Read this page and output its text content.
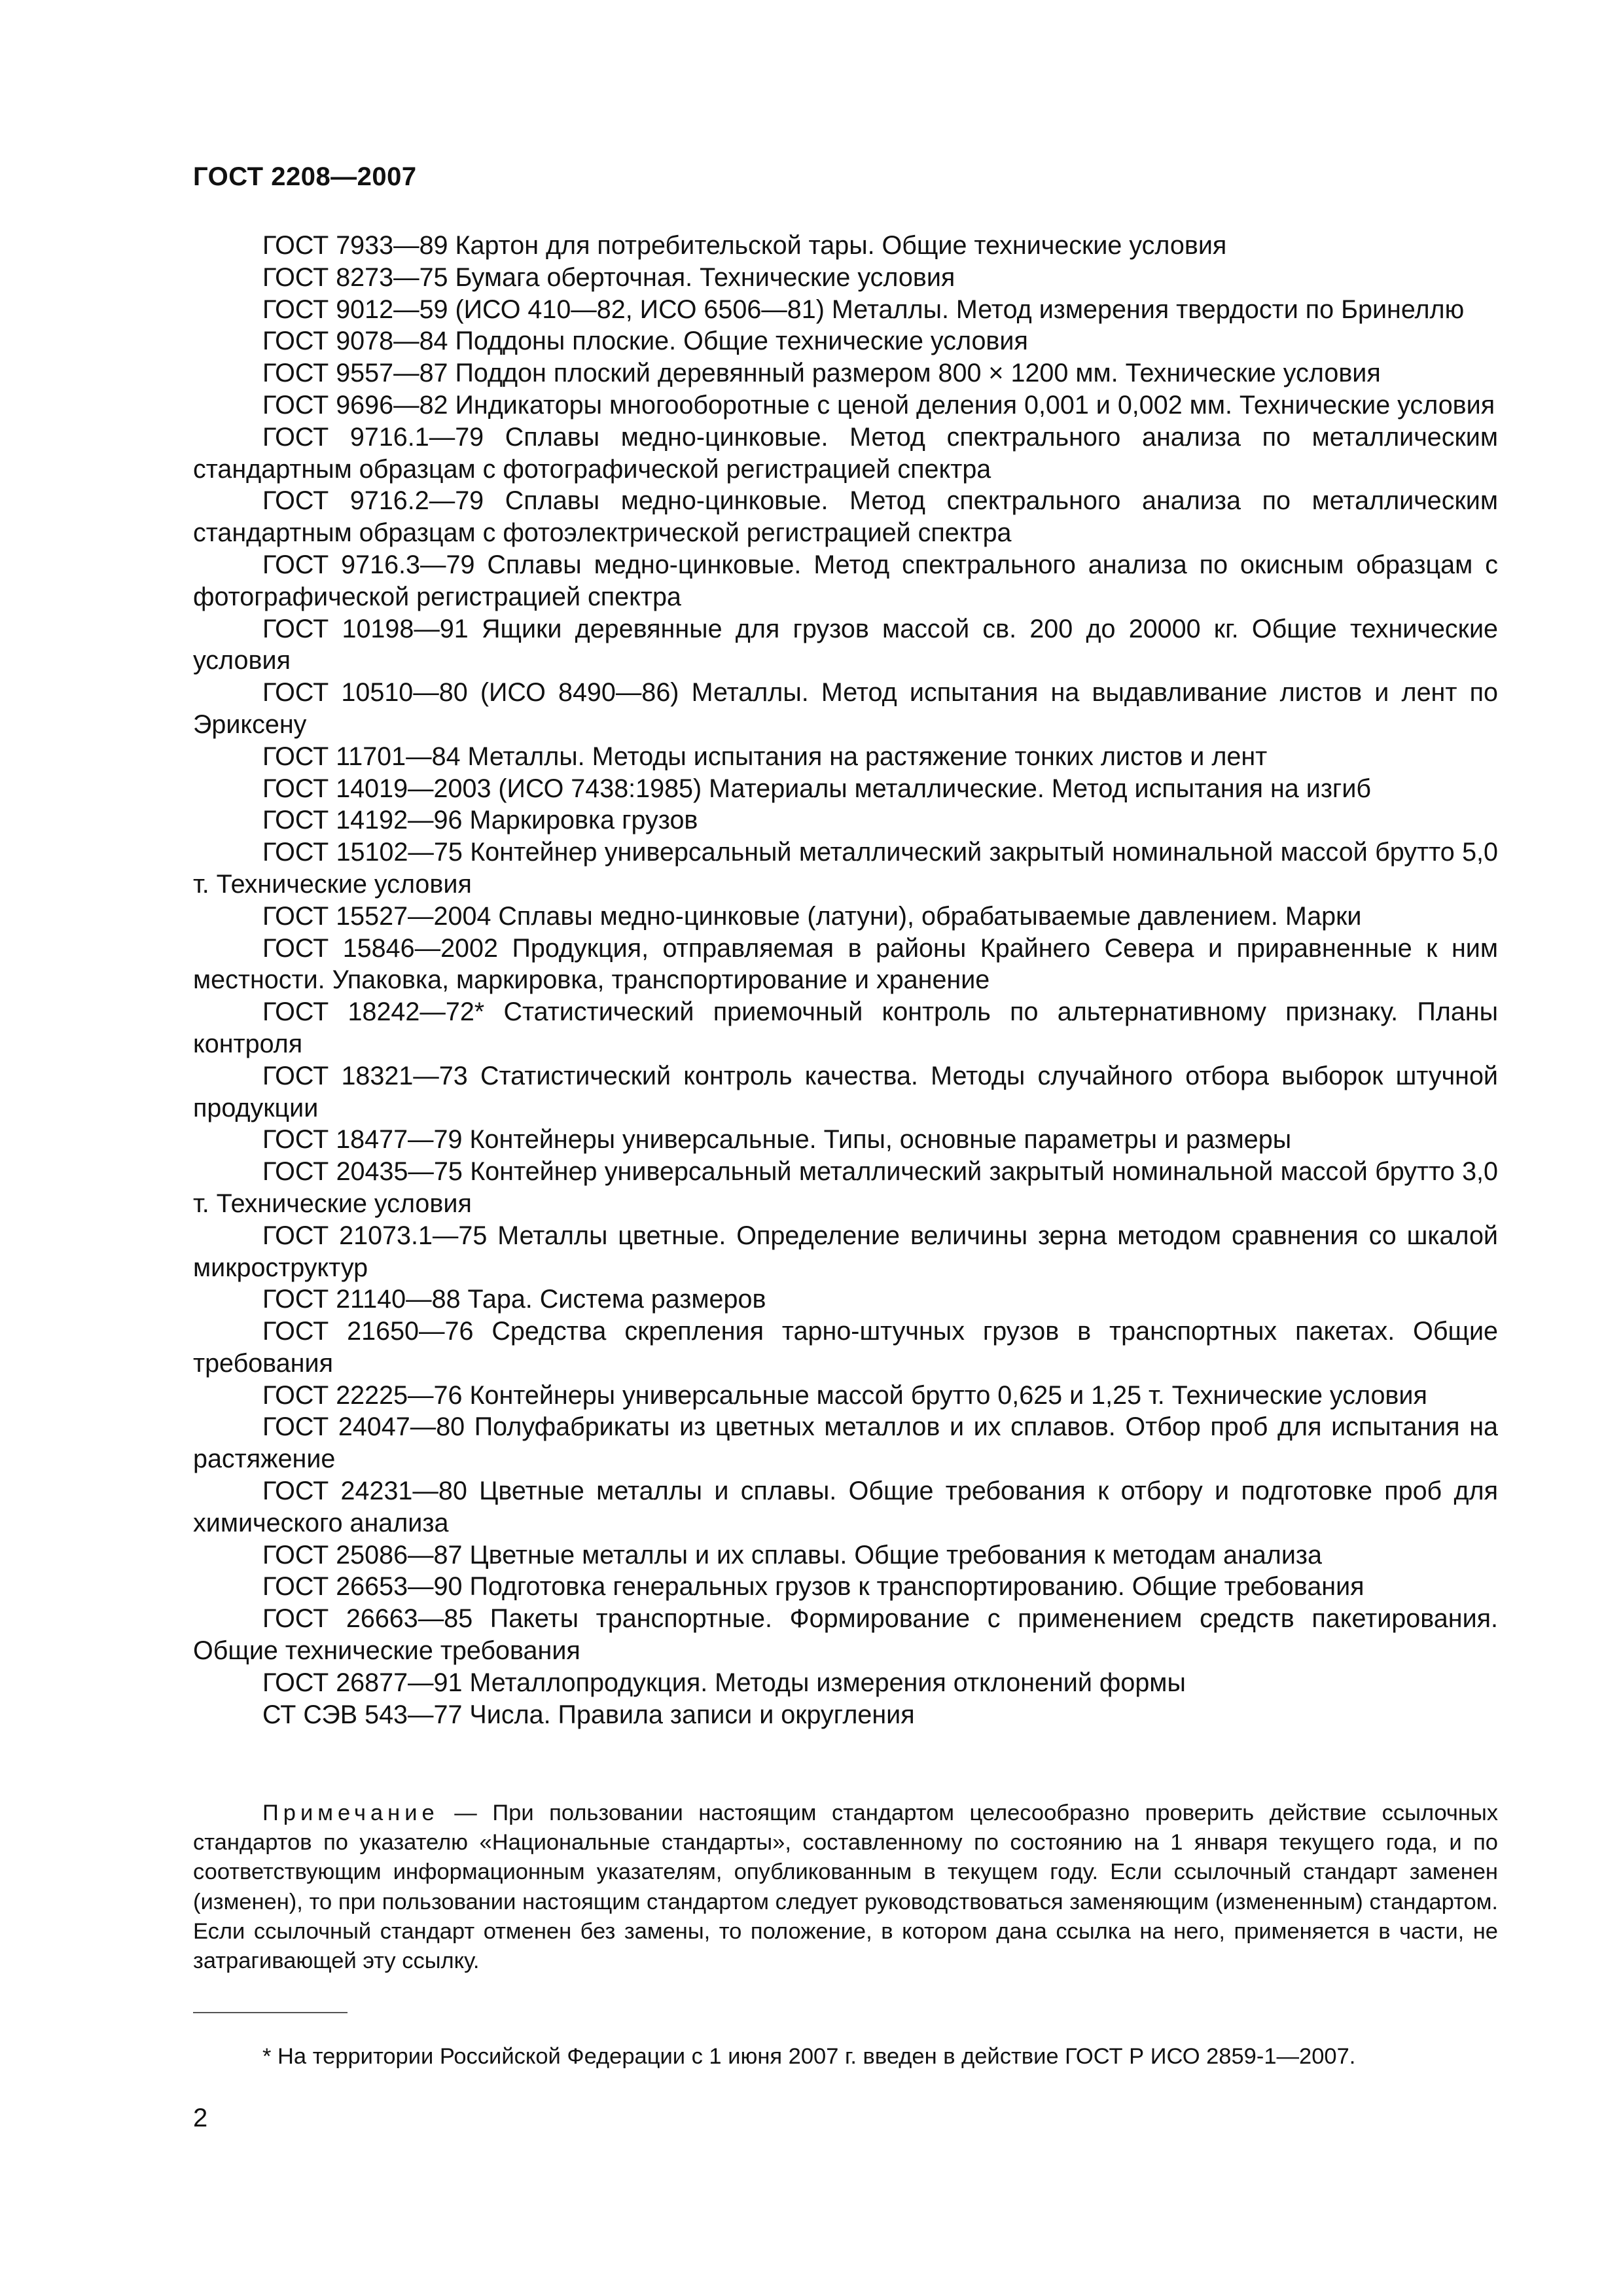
ГОСТ 2208—2007
ГОСТ 7933—89 Картон для потребительской тары. Общие технические условия
ГОСТ 8273—75 Бумага оберточная. Технические условия
ГОСТ 9012—59 (ИСО 410—82, ИСО 6506—81) Металлы. Метод измерения твердости по Бринеллю
ГОСТ 9078—84 Поддоны плоские. Общие технические условия
ГОСТ 9557—87 Поддон плоский деревянный размером 800 × 1200 мм. Технические условия
ГОСТ 9696—82 Индикаторы многооборотные с ценой деления 0,001 и 0,002 мм. Технические условия
ГОСТ 9716.1—79 Сплавы медно-цинковые. Метод спектрального анализа по металлическим стандартным образцам с фотографической регистрацией спектра
ГОСТ 9716.2—79 Сплавы медно-цинковые. Метод спектрального анализа по металлическим стандартным образцам с фотоэлектрической регистрацией спектра
ГОСТ 9716.3—79 Сплавы медно-цинковые. Метод спектрального анализа по окисным образцам с фотографической регистрацией спектра
ГОСТ 10198—91 Ящики деревянные для грузов массой св. 200 до 20000 кг. Общие технические условия
ГОСТ 10510—80 (ИСО 8490—86) Металлы. Метод испытания на выдавливание листов и лент по Эриксену
ГОСТ 11701—84 Металлы. Методы испытания на растяжение тонких листов и лент
ГОСТ 14019—2003 (ИСО 7438:1985) Материалы металлические. Метод испытания на изгиб
ГОСТ 14192—96 Маркировка грузов
ГОСТ 15102—75 Контейнер универсальный металлический закрытый номинальной массой брутто 5,0 т. Технические условия
ГОСТ 15527—2004 Сплавы медно-цинковые (латуни), обрабатываемые давлением. Марки
ГОСТ 15846—2002 Продукция, отправляемая в районы Крайнего Севера и приравненные к ним местности. Упаковка, маркировка, транспортирование и хранение
ГОСТ 18242—72* Статистический приемочный контроль по альтернативному признаку. Планы контроля
ГОСТ 18321—73 Статистический контроль качества. Методы случайного отбора выборок штучной продукции
ГОСТ 18477—79 Контейнеры универсальные. Типы, основные параметры и размеры
ГОСТ 20435—75 Контейнер универсальный металлический закрытый номинальной массой брутто 3,0 т. Технические условия
ГОСТ 21073.1—75 Металлы цветные. Определение величины зерна методом сравнения со шкалой микроструктур
ГОСТ 21140—88 Тара. Система размеров
ГОСТ 21650—76 Средства скрепления тарно-штучных грузов в транспортных пакетах. Общие требования
ГОСТ 22225—76 Контейнеры универсальные массой брутто 0,625 и 1,25 т. Технические условия
ГОСТ 24047—80 Полуфабрикаты из цветных металлов и их сплавов. Отбор проб для испытания на растяжение
ГОСТ 24231—80 Цветные металлы и сплавы. Общие требования к отбору и подготовке проб для химического анализа
ГОСТ 25086—87 Цветные металлы и их сплавы. Общие требования к методам анализа
ГОСТ 26653—90 Подготовка генеральных грузов к транспортированию. Общие требования
ГОСТ 26663—85 Пакеты транспортные. Формирование с применением средств пакетирования. Общие технические требования
ГОСТ 26877—91 Металлопродукция. Методы измерения отклонений формы
СТ СЭВ 543—77 Числа. Правила записи и округления

Примечание — При пользовании настоящим стандартом целесообразно проверить действие ссылочных стандартов по указателю «Национальные стандарты», составленному по состоянию на 1 января текущего года, и по соответствующим информационным указателям, опубликованным в текущем году. Если ссылочный стандарт заменен (изменен), то при пользовании настоящим стандартом следует руководствоваться заменяющим (измененным) стандартом. Если ссылочный стандарт отменен без замены, то положение, в котором дана ссылка на него, применяется в части, не затрагивающей эту ссылку.

* На территории Российской Федерации с 1 июня 2007 г. введен в действие ГОСТ Р ИСО 2859-1—2007.

2
